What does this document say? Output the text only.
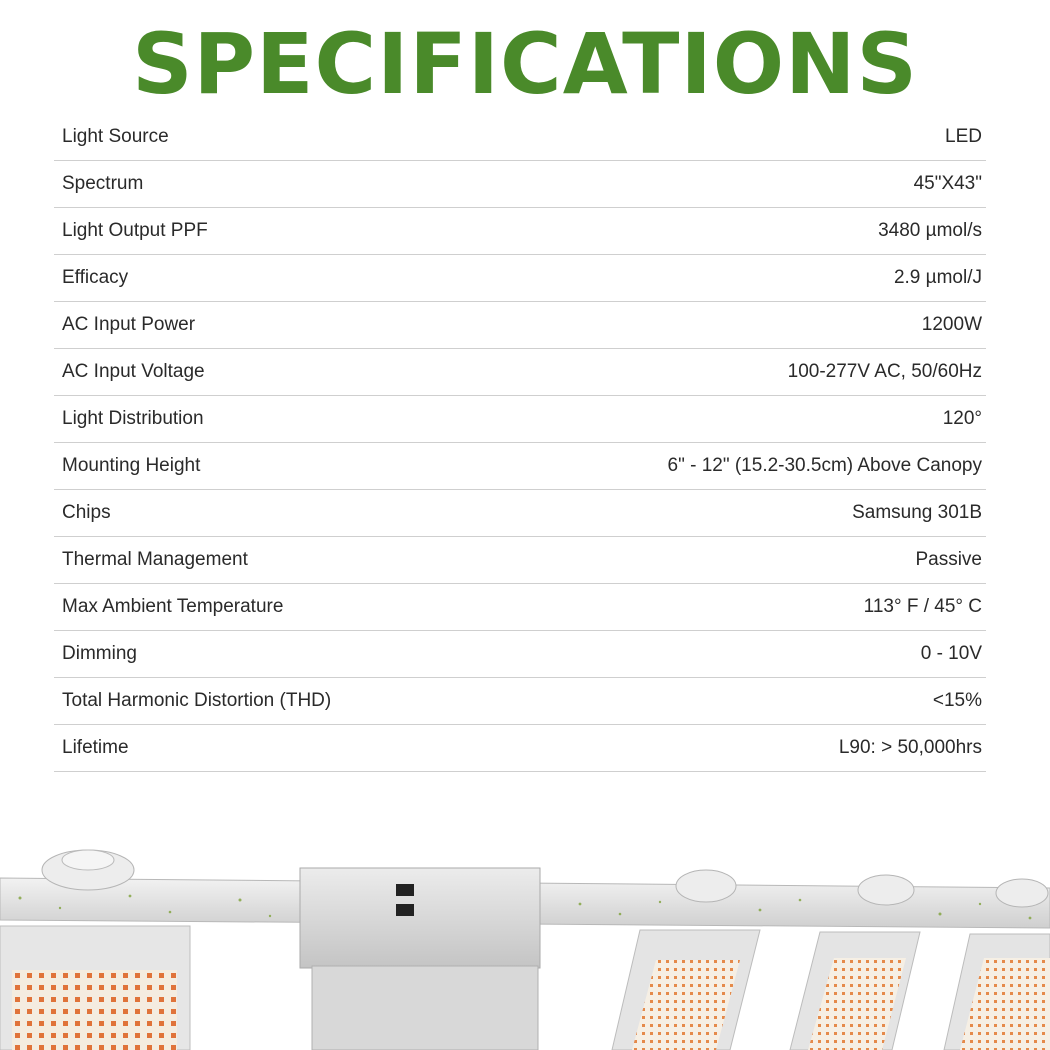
SPECIFICATIONS
Light Source	LED
Spectrum	45"X43"
Light Output PPF	3480 µmol/s
Efficacy	2.9 µmol/J
AC Input Power	1200W
AC Input Voltage	100-277V AC, 50/60Hz
Light Distribution	120°
Mounting Height	6" - 12" (15.2-30.5cm) Above Canopy
Chips	Samsung 301B
Thermal Management	Passive
Max Ambient Temperature	113° F / 45° C
Dimming	0 - 10V
Total Harmonic Distortion (THD)	<15%
Lifetime	L90: > 50,000hrs
